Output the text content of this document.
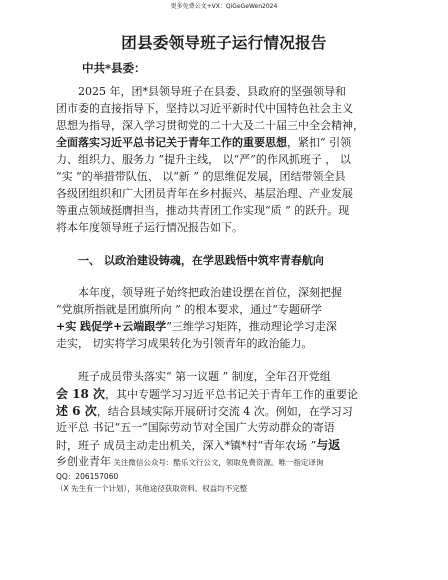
更多免费公文+VX：QiGeGeWen2024
团县委领导班子运行情况报告
中共*县委：
2025 年，团*县领导班子在县委、县政府的坚强领导和
团市委的直接指导下，坚持以习近平新时代中国特色社会主义
思想为指导，深入学习贯彻党的二十大及二十届三中全会精神，
全面落实习近平总书记关于青年工作的重要思想，紧扣“ 引领
力、组织力、服务力 ”提升主线， 以“严”的作风抓班子 ， 以
“实 ”的举措带队伍、 以“新 ” 的思维促发展，团结带领全县
各级团组织和广大团员青年在乡村振兴、基层治理、产业发展
等重点领域挺膺担当，推动共青团工作实现“质 ” 的跃升。现
将本年度领导班子运行情况报告如下。
一、 以政治建设铸魂，在学思践悟中筑牢青春航向
本年度，领导班子始终把政治建设摆在首位，深刻把握
“党旗所指就是团旗所向 ” 的根本要求，通过“专题研学
+实 践促学+云端跟学”三维学习矩阵，推动理论学习走深
走实， 切实将学习成果转化为引领青年的政治能力。
班子成员带头落实“ 第一议题 ” 制度，全年召开党组
会 18 次，其中专题学习习近平总书记关于青年工作的重要论
述 6 次，结合县域实际开展研讨交流 4 次。例如，在学习习
近平总 书记“五一”国际劳动节对全国广大劳动群众的寄语
时，班子 成员主动走出机关，深入*镇*村“青年农场 ”与返
乡创业青年 关注微信公众号：酷乐文行公文，领取免费资源。唯一指定译询
QQ：206157060
（X 先生有一个计划），其他途径获取资料、权益均不完整
